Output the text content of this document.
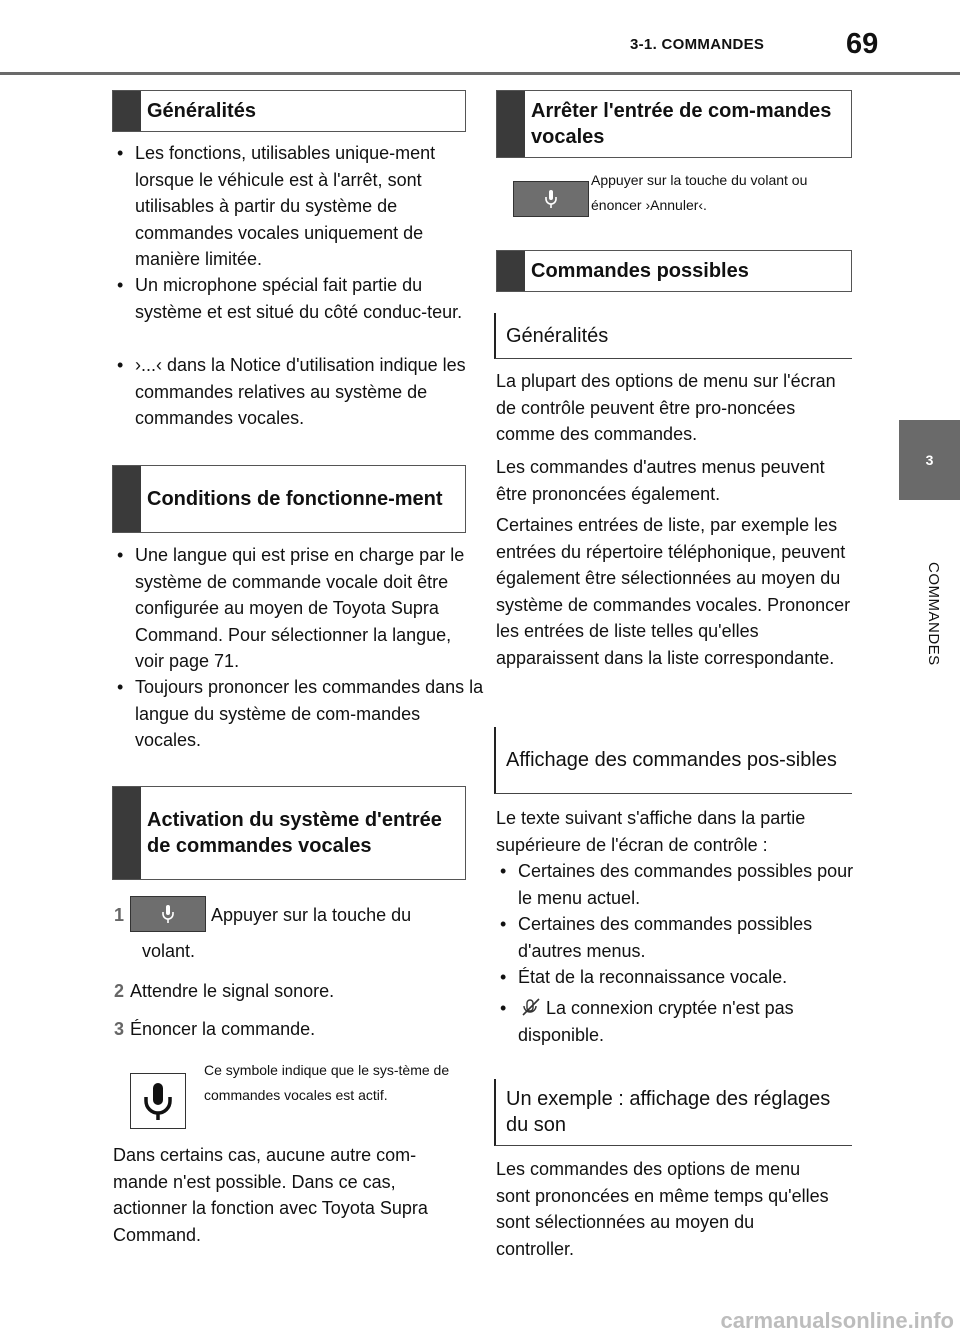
3-1. COMMANDES	69
3
COMMANDES
Généralités
• Les fonctions, utilisables unique-ment lorsque le véhicule est à l'arrêt, sont utilisables à partir du système de commandes vocales uniquement de manière limitée.
• Un microphone spécial fait partie du système et est situé du côté conduc-teur.
• ›...‹ dans la Notice d'utilisation indique les commandes relatives au système de commandes vocales.
Conditions de fonctionne-ment
• Une langue qui est prise en charge par le système de commande vocale doit être configurée au moyen de Toyota Supra Command. Pour sélectionner la langue, voir page 71.
• Toujours prononcer les commandes dans la langue du système de com-mandes vocales.
Activation du système d'entrée de commandes vocales
1	Appuyer sur la touche du
volant.
2 Attendre le signal sonore.
3 Énoncer la commande.
Ce symbole indique que le sys-tème de commandes vocales est actif.
Dans certains cas, aucune autre com-mande n'est possible. Dans ce cas, actionner la fonction avec Toyota Supra Command.
Arrêter l'entrée de com-mandes vocales
Appuyer sur la touche du volant ou énoncer ›Annuler‹.
Commandes possibles
Généralités
La plupart des options de menu sur l'écran de contrôle peuvent être pro-noncées comme des commandes.
Les commandes d'autres menus peuvent être prononcées également.
Certaines entrées de liste, par exemple les entrées du répertoire téléphonique, peuvent également être sélectionnées au moyen du système de commandes vocales. Prononcer les entrées de liste telles qu'elles apparaissent dans la liste correspondante.
Affichage des commandes pos-sibles
Le texte suivant s'affiche dans la partie supérieure de l'écran de contrôle :
• Certaines des commandes possibles pour le menu actuel.
• Certaines des commandes possibles d'autres menus.
• État de la reconnaissance vocale.
• La connexion cryptée n'est pas disponible.
Un exemple : affichage des réglages du son
Les commandes des options de menu sont prononcées en même temps qu'elles sont sélectionnées au moyen du controller.
carmanualsonline.info
